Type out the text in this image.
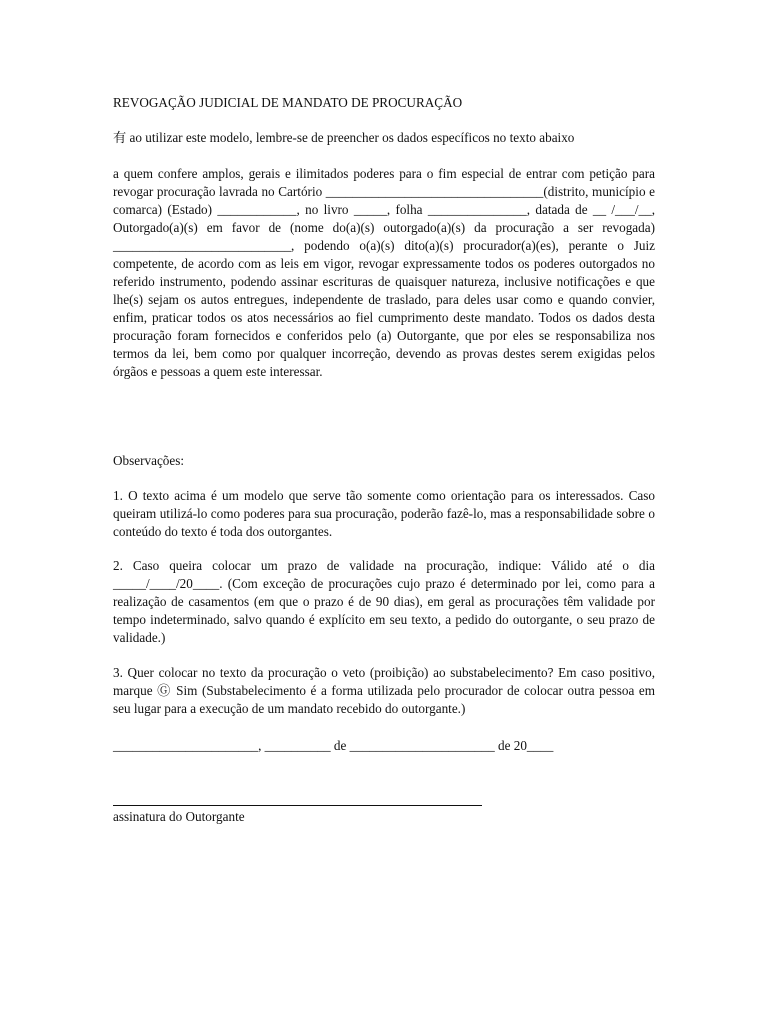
REVOGAÇÃO JUDICIAL DE MANDATO DE PROCURAÇÃO

有 ao utilizar este modelo, lembre-se de preencher os dados específicos no texto abaixo

a quem confere amplos, gerais e ilimitados poderes para o fim especial de entrar com petição para revogar procuração lavrada no Cartório _________________________________(distrito, município e comarca) (Estado) ____________, no livro _____, folha _______________, datada de __ /___/__, Outorgado(a)(s) em favor de (nome do(a)(s) outorgado(a)(s) da procuração a ser revogada) ___________________________, podendo o(a)(s) dito(a)(s) procurador(a)(es), perante o Juiz competente, de acordo com as leis em vigor, revogar expressamente todos os poderes outorgados no referido instrumento, podendo assinar escrituras de quaisquer natureza, inclusive notificações e que lhe(s) sejam os autos entregues, independente de traslado, para deles usar como e quando convier, enfim, praticar todos os atos necessários ao fiel cumprimento deste mandato. Todos os dados desta procuração foram fornecidos e conferidos pelo (a) Outorgante, que por eles se responsabiliza nos termos da lei, bem como por qualquer incorreção, devendo as provas destes serem exigidas pelos órgãos e pessoas a quem este interessar.

Observações:

1. O texto acima é um modelo que serve tão somente como orientação para os interessados. Caso queiram utilizá-lo como poderes para sua procuração, poderão fazê-lo, mas a responsabilidade sobre o conteúdo do texto é toda dos outorgantes.

2. Caso queira colocar um prazo de validade na procuração, indique: Válido até o dia _____/____/20____. (Com exceção de procurações cujo prazo é determinado por lei, como para a realização de casamentos (em que o prazo é de 90 dias), em geral as procurações têm validade por tempo indeterminado, salvo quando é explícito em seu texto, a pedido do outorgante, o seu prazo de validade.)

3. Quer colocar no texto da procuração o veto (proibição) ao substabelecimento? Em caso positivo, marque Ⓖ Sim (Substabelecimento é a forma utilizada pelo procurador de colocar outra pessoa em seu lugar para a execução de um mandato recebido do outorgante.)

______________________, __________ de ______________________ de 20____

assinatura do Outorgante
